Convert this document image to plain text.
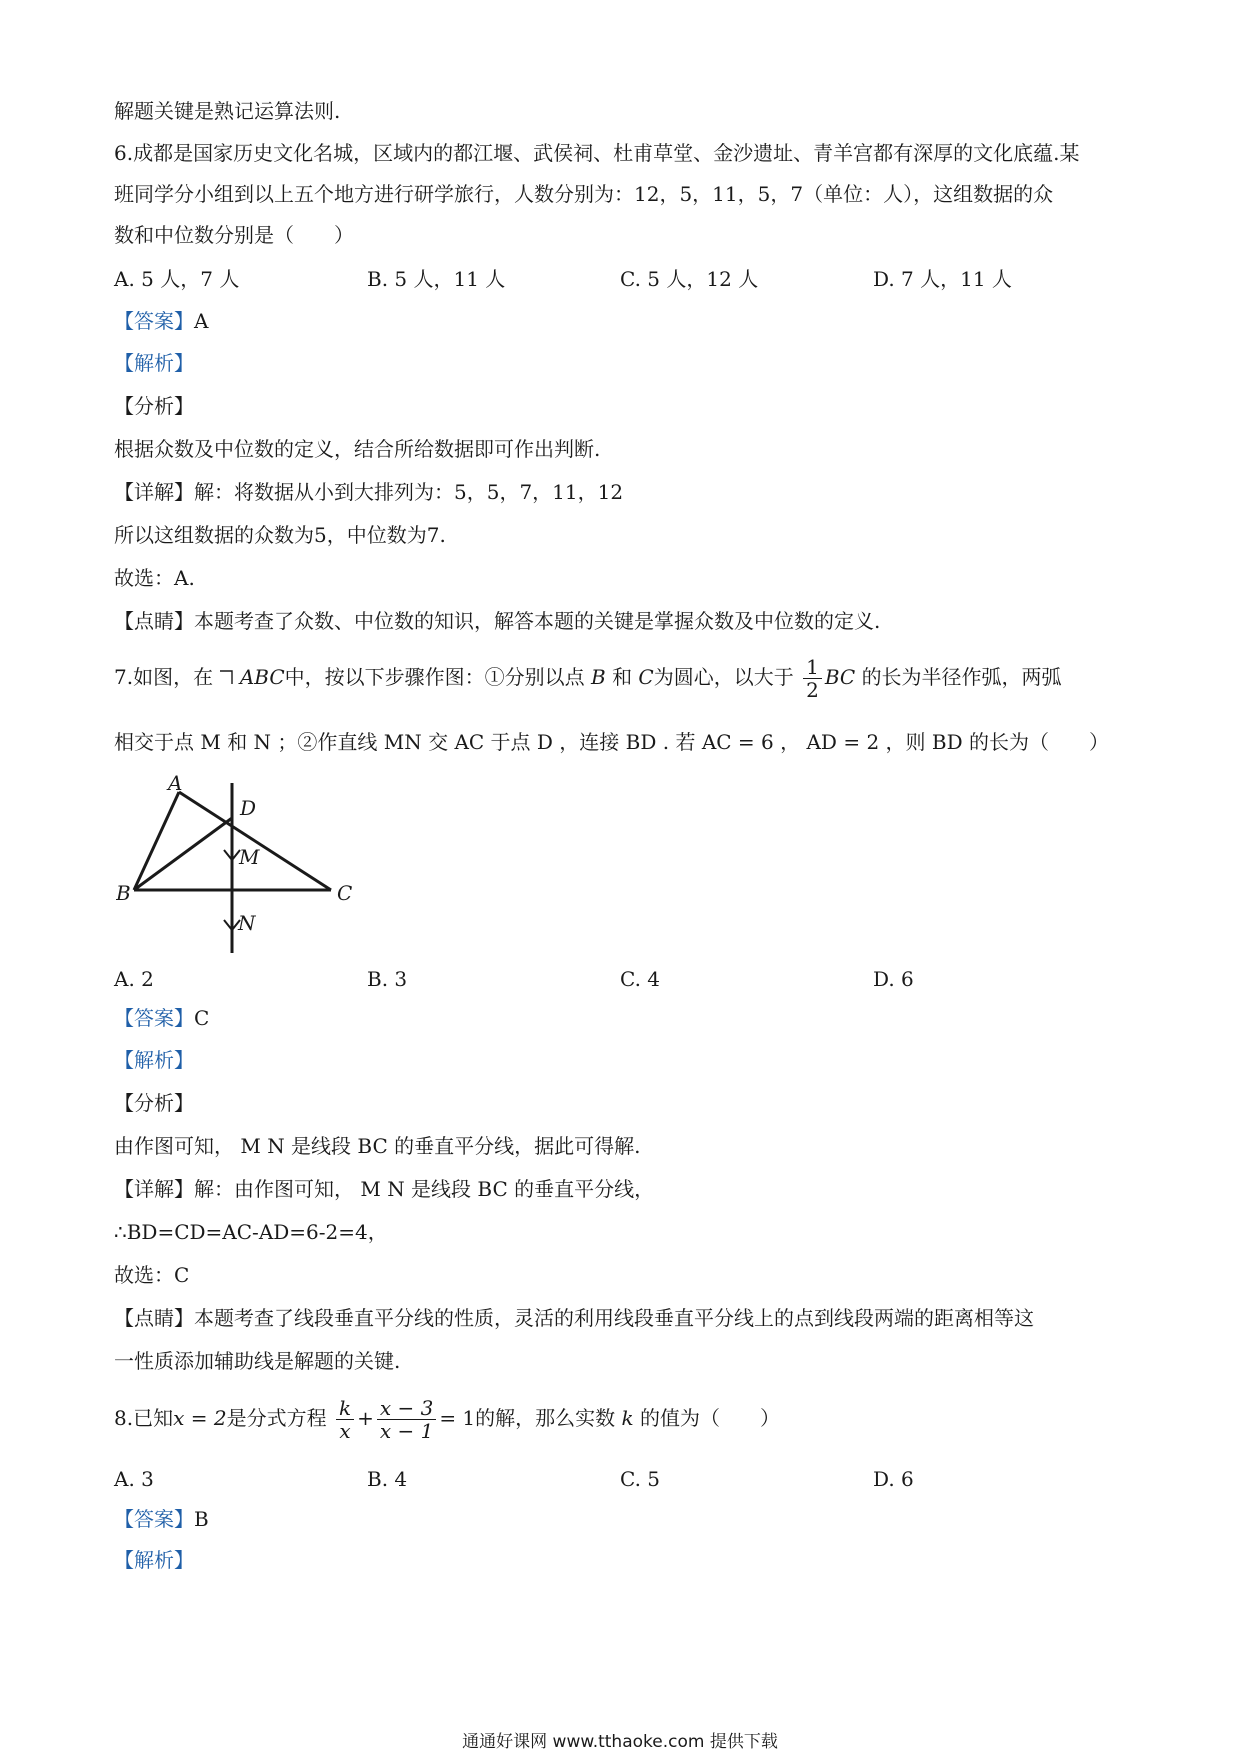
解题关键是熟记运算法则.
6.成都是国家历史文化名城，区域内的都江堰、武侯祠、杜甫草堂、金沙遗址、青羊宫都有深厚的文化底蕴.某
班同学分小组到以上五个地方进行研学旅行，人数分别为：12，5，11，5，7（单位：人），这组数据的众
数和中位数分别是（　　）
A. 5 人，7 人	B. 5 人，11 人	C. 5 人，12 人	D. 7 人，11 人
【答案】A
【解析】
【分析】
根据众数及中位数的定义，结合所给数据即可作出判断.
【详解】解：将数据从小到大排列为：5，5，7，11，12
所以这组数据的众数为5，中位数为7.
故选：A.
【点睛】本题考查了众数、中位数的知识，解答本题的关键是掌握众数及中位数的定义.
7.如图，在 ABC中，按以下步骤作图：①分别以点 B 和 C为圆心，以大于 $\frac{1}{2}$ BC 的长为半径作弧，两弧
相交于点 M 和 N ；②作直线 MN 交 AC 于点 D ，连接 BD . 若 AC = 6 ， AD = 2 ，则 BD 的长为（　　）
A
D
M
B	C
N
A. 2	B. 3	C. 4	D. 6
【答案】C
【解析】
【分析】
由作图可知， M N 是线段 BC 的垂直平分线，据此可得解.
【详解】解：由作图可知， M N 是线段 BC 的垂直平分线，
∴BD=CD=AC-AD=6-2=4，
故选：C
【点睛】本题考查了线段垂直平分线的性质，灵活的利用线段垂直平分线上的点到线段两端的距离相等这
一性质添加辅助线是解题的关键.
8.已知x = 2是分式方程 $\frac{k}{x} + \frac{x - 3}{x - 1} = 1$的解，那么实数 k 的值为（　　）
A. 3	B. 4	C. 5	D. 6
【答案】B
【解析】
通通好课网 www.tthaoke.com 提供下载
